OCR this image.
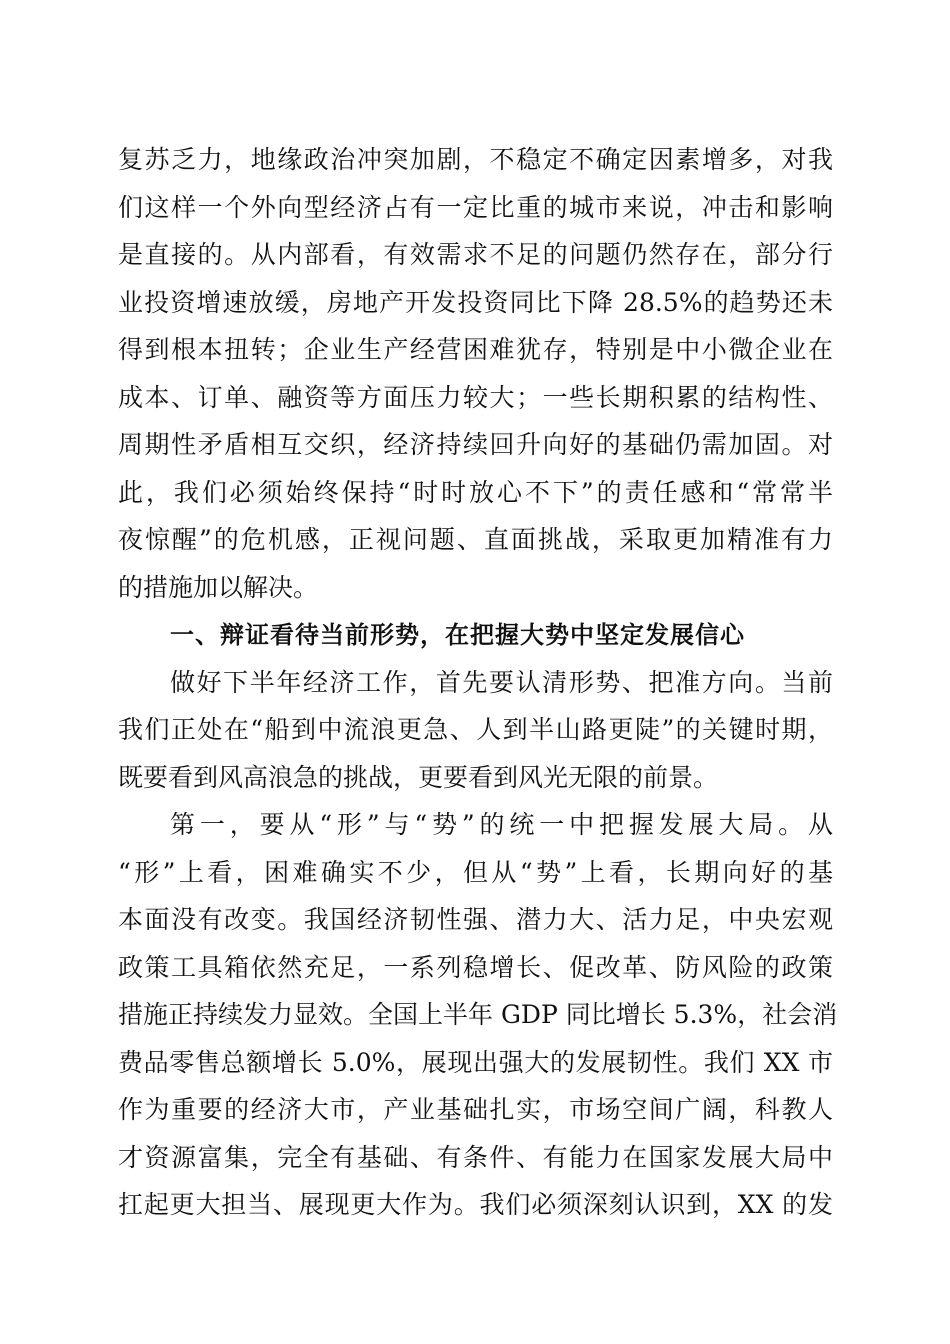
复苏乏力，地缘政治冲突加剧，不稳定不确定因素增多，对我
们这样一个外向型经济占有一定比重的城市来说，冲击和影响
是直接的。从内部看，有效需求不足的问题仍然存在，部分行
业投资增速放缓，房地产开发投资同比下降 28.5%的趋势还未
得到根本扭转；企业生产经营困难犹存，特别是中小微企业在
成本、订单、融资等方面压力较大；一些长期积累的结构性、
周期性矛盾相互交织，经济持续回升向好的基础仍需加固。对
此，我们必须始终保持“时时放心不下”的责任感和“常常半
夜惊醒”的危机感，正视问题、直面挑战，采取更加精准有力
的措施加以解决。
一、辩证看待当前形势，在把握大势中坚定发展信心
做好下半年经济工作，首先要认清形势、把准方向。当前
我们正处在“船到中流浪更急、人到半山路更陡”的关键时期，
既要看到风高浪急的挑战，更要看到风光无限的前景。
第一，要从“形”与“势”的统一中把握发展大局。从
“形”上看，困难确实不少，但从“势”上看，长期向好的基
本面没有改变。我国经济韧性强、潜力大、活力足，中央宏观
政策工具箱依然充足，一系列稳增长、促改革、防风险的政策
措施正持续发力显效。全国上半年 GDP 同比增长 5.3%，社会消
费品零售总额增长 5.0%，展现出强大的发展韧性。我们 XX 市
作为重要的经济大市，产业基础扎实，市场空间广阔，科教人
才资源富集，完全有基础、有条件、有能力在国家发展大局中
扛起更大担当、展现更大作为。我们必须深刻认识到，XX 的发
